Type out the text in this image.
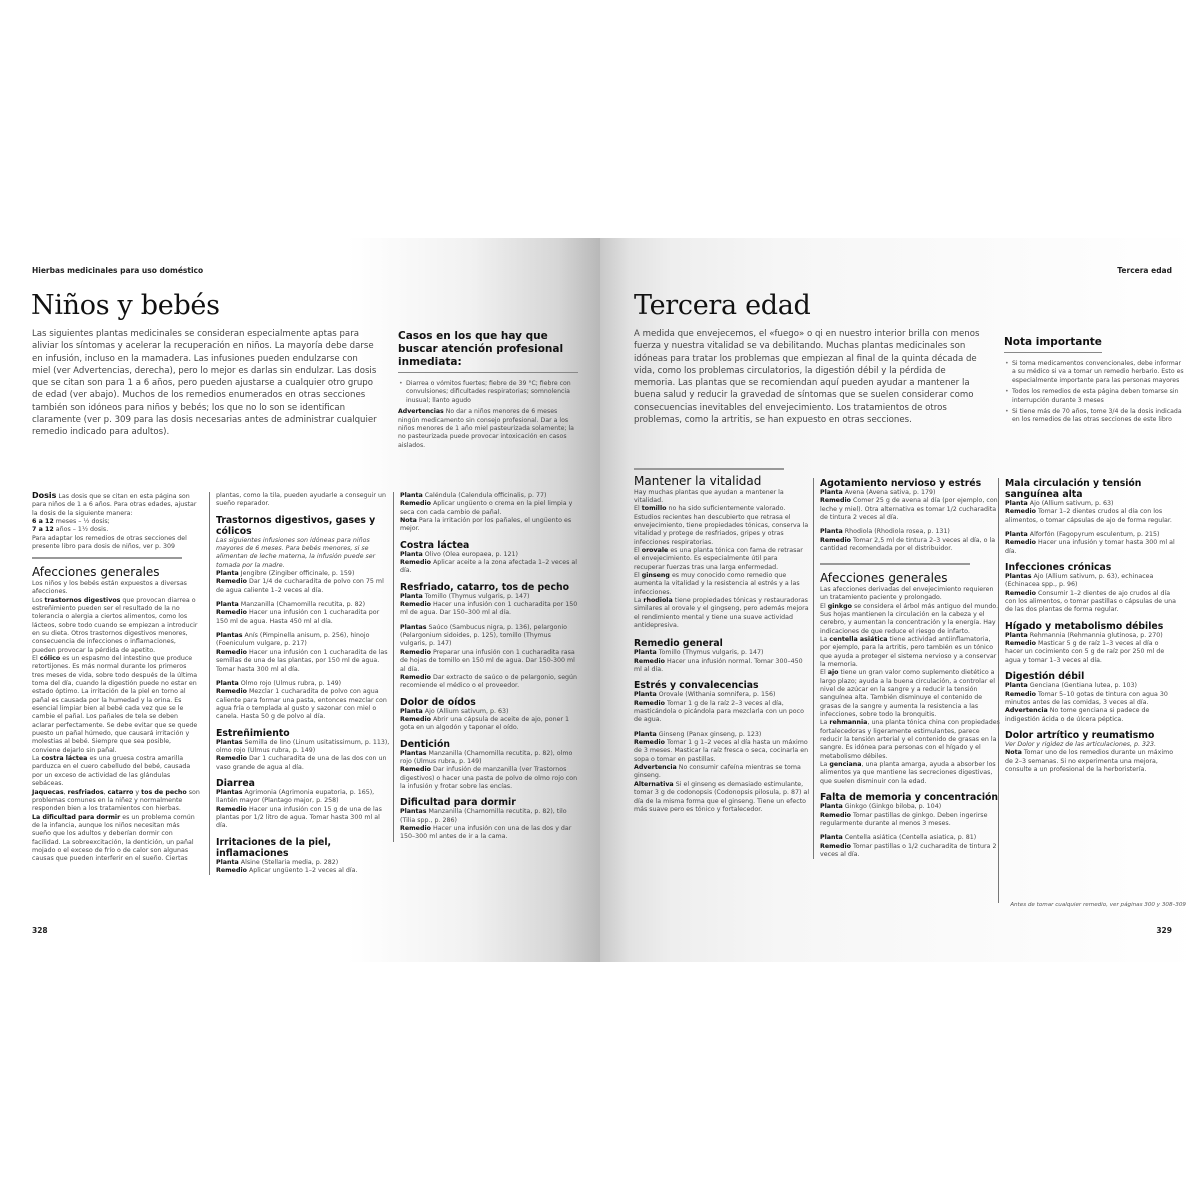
Hierbas medicinales para uso doméstico
Niños y bebés
Las siguientes plantas medicinales se consideran especialmente aptas para aliviar los síntomas y acelerar la recuperación en niños. La mayoría debe darse en infusión, incluso en la mamadera. Las infusiones pueden endulzarse con miel (ver Advertencias, derecha), pero lo mejor es darlas sin endulzar. Las dosis que se citan son para 1 a 6 años, pero pueden ajustarse a cualquier otro grupo de edad (ver abajo). Muchos de los remedios enumerados en otras secciones también son idóneos para niños y bebés; los que no lo son se identifican claramente (ver p. 309 para las dosis necesarias antes de administrar cualquier remedio indicado para adultos).
Casos en los que hay que buscar atención profesional inmediata:
• Diarrea o vómitos fuertes; fiebre de 39 °C; fiebre con convulsiones; dificultades respiratorias; somnolencia inusual; llanto agudo

Advertencias No dar a niños menores de 6 meses ningún medicamento sin consejo profesional. Dar a los niños menores de 1 año miel pasteurizada solamente; la no pasteurizada puede provocar intoxicación en casos aislados.

Dosis Las dosis que se citan en esta página son para niños de 1 a 6 años. Para otras edades, ajustar la dosis de la siguiente manera:

6 a 12 meses – ½ dosis;

7 a 12 años – 1½ dosis.

Para adaptar los remedios de otras secciones del presente libro para dosis de niños, ver p. 309

Afecciones generales

Los niños y los bebés están expuestos a diversas afecciones.

Los trastornos digestivos que provocan diarrea o estreñimiento pueden ser el resultado de la no tolerancia o alergia a ciertos alimentos, como los lácteos, sobre todo cuando se empiezan a introducir en su dieta. Otros trastornos digestivos menores, consecuencia de infecciones o inflamaciones, pueden provocar la pérdida de apetito.

El cólico es un espasmo del intestino que produce retortijones. Es más normal durante los primeros tres meses de vida, sobre todo después de la última toma del día, cuando la digestión puede no estar en estado óptimo. La irritación de la piel en torno al pañal es causada por la humedad y la orina. Es esencial limpiar bien al bebé cada vez que se le cambie el pañal. Los pañales de tela se deben aclarar perfectamente. Se debe evitar que se quede puesto un pañal húmedo, que causará irritación y molestias al bebé. Siempre que sea posible, conviene dejarlo sin pañal.

La costra láctea es una gruesa costra amarilla parduzca en el cuero cabelludo del bebé, causada por un exceso de actividad de las glándulas sebáceas.

Jaquecas, resfriados, catarro y tos de pecho son problemas comunes en la niñez y normalmente responden bien a los tratamientos con hierbas.

La dificultad para dormir es un problema común de la infancia, aunque los niños necesitan más sueño que los adultos y deberían dormir con facilidad. La sobreexcitación, la dentición, un pañal mojado o el exceso de frío o de calor son algunas causas que pueden interferir en el sueño. Ciertas

plantas, como la tila, pueden ayudarle a conseguir un sueño reparador.

Trastornos digestivos, gases y cólicos

Las siguientes infusiones son idóneas para niños mayores de 6 meses. Para bebés menores, si se alimentan de leche materna, la infusión puede ser tomada por la madre.

Planta Jengibre (Zingiber officinale, p. 159)

Remedio Dar 1/4 de cucharadita de polvo con 75 ml de agua caliente 1–2 veces al día.

Planta Manzanilla (Chamomilla recutita, p. 82)

Remedio Hacer una infusión con 1 cucharadita por 150 ml de agua. Hasta 450 ml al día.

Plantas Anís (Pimpinella anisum, p. 256), hinojo (Foeniculum vulgare, p. 217)

Remedio Hacer una infusión con 1 cucharadita de las semillas de una de las plantas, por 150 ml de agua. Tomar hasta 300 ml al día.

Planta Olmo rojo (Ulmus rubra, p. 149)

Remedio Mezclar 1 cucharadita de polvo con agua caliente para formar una pasta, entonces mezclar con agua fría o templada al gusto y sazonar con miel o canela. Hasta 50 g de polvo al día.

Estreñimiento

Plantas Semilla de lino (Linum usitatissimum, p. 113), olmo rojo (Ulmus rubra, p. 149)

Remedio Dar 1 cucharadita de una de las dos con un vaso grande de agua al día.

Diarrea

Plantas Agrimonia (Agrimonia eupatoria, p. 165), llantén mayor (Plantago major, p. 258)

Remedio Hacer una infusión con 15 g de una de las plantas por 1/2 litro de agua. Tomar hasta 300 ml al día.

Irritaciones de la piel, inflamaciones

Planta Alsine (Stellaria media, p. 282)

Remedio Aplicar ungüento 1–2 veces al día.

Planta Caléndula (Calendula officinalis, p. 77)

Remedio Aplicar ungüento o crema en la piel limpia y seca con cada cambio de pañal.

Nota Para la irritación por los pañales, el ungüento es mejor.

Costra láctea

Planta Olivo (Olea europaea, p. 121)

Remedio Aplicar aceite a la zona afectada 1–2 veces al día.

Resfriado, catarro, tos de pecho

Planta Tomillo (Thymus vulgaris, p. 147)

Remedio Hacer una infusión con 1 cucharadita por 150 ml de agua. Dar 150–300 ml al día.

Plantas Saúco (Sambucus nigra, p. 136), pelargonio (Pelargonium sidoides, p. 125), tomillo (Thymus vulgaris, p. 147)

Remedio Preparar una infusión con 1 cucharadita rasa de hojas de tomillo en 150 ml de agua. Dar 150-300 ml al día.

Remedio Dar extracto de saúco o de pelargonio, según recomiende el médico o el proveedor.

Dolor de oídos

Planta Ajo (Allium sativum, p. 63)

Remedio Abrir una cápsula de aceite de ajo, poner 1 gota en un algodón y taponar el oído.

Dentición

Plantas Manzanilla (Chamomilla recutita, p. 82), olmo rojo (Ulmus rubra, p. 149)

Remedio Dar infusión de manzanilla (ver Trastornos digestivos) o hacer una pasta de polvo de olmo rojo con la infusión y frotar sobre las encías.

Dificultad para dormir

Plantas Manzanilla (Chamomilla recutita, p. 82), tilo (Tilia spp., p. 286)

Remedio Hacer una infusión con una de las dos y dar 150–300 ml antes de ir a la cama.

328
Tercera edad
Tercera edad
A medida que envejecemos, el «fuego» o qi en nuestro interior brilla con menos fuerza y nuestra vitalidad se va debilitando. Muchas plantas medicinales son idóneas para tratar los problemas que empiezan al final de la quinta década de vida, como los problemas circulatorios, la digestión débil y la pérdida de memoria. Las plantas que se recomiendan aquí pueden ayudar a mantener la buena salud y reducir la gravedad de síntomas que se suelen considerar como consecuencias inevitables del envejecimiento. Los tratamientos de otros problemas, como la artritis, se han expuesto en otras secciones.
Nota importante
• Si toma medicamentos convencionales, debe informar a su médico si va a tomar un remedio herbario. Esto es especialmente importante para las personas mayores
• Todos los remedios de esta página deben tomarse sin interrupción durante 3 meses
• Si tiene más de 70 años, tome 3/4 de la dosis indicada en los remedios de las otras secciones de este libro
Mantener la vitalidad

Hay muchas plantas que ayudan a mantener la vitalidad.

El tomillo no ha sido suficientemente valorado. Estudios recientes han descubierto que retrasa el envejecimiento, tiene propiedades tónicas, conserva la vitalidad y protege de resfriados, gripes y otras infecciones respiratorias.

El orovale es una planta tónica con fama de retrasar el envejecimiento. Es especialmente útil para recuperar fuerzas tras una larga enfermedad.

El ginseng es muy conocido como remedio que aumenta la vitalidad y la resistencia al estrés y a las infecciones.

La rhodiola tiene propiedades tónicas y restauradoras similares al orovale y el gingseng, pero además mejora el rendimiento mental y tiene una suave actividad antidepresiva.

Remedio general

Planta Tomillo (Thymus vulgaris, p. 147)

Remedio Hacer una infusión normal. Tomar 300–450 ml al día.

Estrés y convalecencias

Planta Orovale (Withania somnifera, p. 156)

Remedio Tomar 1 g de la raíz 2–3 veces al día, masticándola o picándola para mezclarla con un poco de agua.

Planta Ginseng (Panax ginseng, p. 123)

Remedio Tomar 1 g 1–2 veces al día hasta un máximo de 3 meses. Masticar la raíz fresca o seca, cocinarla en sopa o tomar en pastillas.

Advertencia No consumir cafeína mientras se toma ginseng.

Alternativa Si el ginseng es demasiado estimulante, tomar 3 g de codonopsis (Codonopsis pilosula, p. 87) al día de la misma forma que el ginseng. Tiene un efecto más suave pero es tónico y fortalecedor.

Agotamiento nervioso y estrés

Planta Avena (Avena sativa, p. 179)

Remedio Comer 25 g de avena al día (por ejemplo, con leche y miel). Otra alternativa es tomar 1/2 cucharadita de tintura 2 veces al día.

Planta Rhodiola (Rhodiola rosea, p. 131)

Remedio Tomar 2,5 ml de tintura 2–3 veces al día, o la cantidad recomendada por el distribuidor.

Afecciones generales

Las afecciones derivadas del envejecimiento requieren un tratamiento paciente y prolongado.

El ginkgo se considera el árbol más antiguo del mundo. Sus hojas mantienen la circulación en la cabeza y el cerebro, y aumentan la concentración y la energía. Hay indicaciones de que reduce el riesgo de infarto.

La centella asiática tiene actividad antiinflamatoria, por ejemplo, para la artritis, pero también es un tónico que ayuda a proteger el sistema nervioso y a conservar la memoria.

El ajo tiene un gran valor como suplemento dietético a largo plazo; ayuda a la buena circulación, a controlar el nivel de azúcar en la sangre y a reducir la tensión sanguínea alta. También disminuye el contenido de grasas de la sangre y aumenta la resistencia a las infecciones, sobre todo la bronquitis.

La rehmannia, una planta tónica china con propiedades fortalecedoras y ligeramente estimulantes, parece reducir la tensión arterial y el contenido de grasas en la sangre. Es idónea para personas con el hígado y el metabolismo débiles.

La genciana, una planta amarga, ayuda a absorber los alimentos ya que mantiene las secreciones digestivas, que suelen disminuir con la edad.

Falta de memoria y concentración

Planta Ginkgo (Ginkgo biloba, p. 104)

Remedio Tomar pastillas de ginkgo. Deben ingerirse regularmente durante al menos 3 meses.

Planta Centella asiática (Centella asiatica, p. 81)

Remedio Tomar pastillas o 1/2 cucharadita de tintura 2 veces al día.

Mala circulación y tensión sanguínea alta

Planta Ajo (Allium sativum, p. 63)

Remedio Tomar 1–2 dientes crudos al día con los alimentos, o tomar cápsulas de ajo de forma regular.

Planta Alforfón (Fagopyrum esculentum, p. 215)

Remedio Hacer una infusión y tomar hasta 300 ml al día.

Infecciones crónicas

Plantas Ajo (Allium sativum, p. 63), echinacea (Echinacea spp., p. 96)

Remedio Consumir 1–2 dientes de ajo crudos al día con los alimentos, o tomar pastillas o cápsulas de una de las dos plantas de forma regular.

Hígado y metabolismo débiles

Planta Rehmannia (Rehmannia glutinosa, p. 270)

Remedio Masticar 5 g de raíz 1–3 veces al día o hacer un cocimiento con 5 g de raíz por 250 ml de agua y tomar 1–3 veces al día.

Digestión débil

Planta Genciana (Gentiana lutea, p. 103)

Remedio Tomar 5–10 gotas de tintura con agua 30 minutos antes de las comidas, 3 veces al día.

Advertencia No tome genciana si padece de indigestión ácida o de úlcera péptica.

Dolor artrítico y reumatismo

Ver Dolor y rigidez de las articulaciones, p. 323.

Nota Tomar uno de los remedios durante un máximo de 2–3 semanas. Si no experimenta una mejora, consulte a un profesional de la herboristería.

Antes de tomar cualquier remedio, ver páginas 300 y 308–309
329
